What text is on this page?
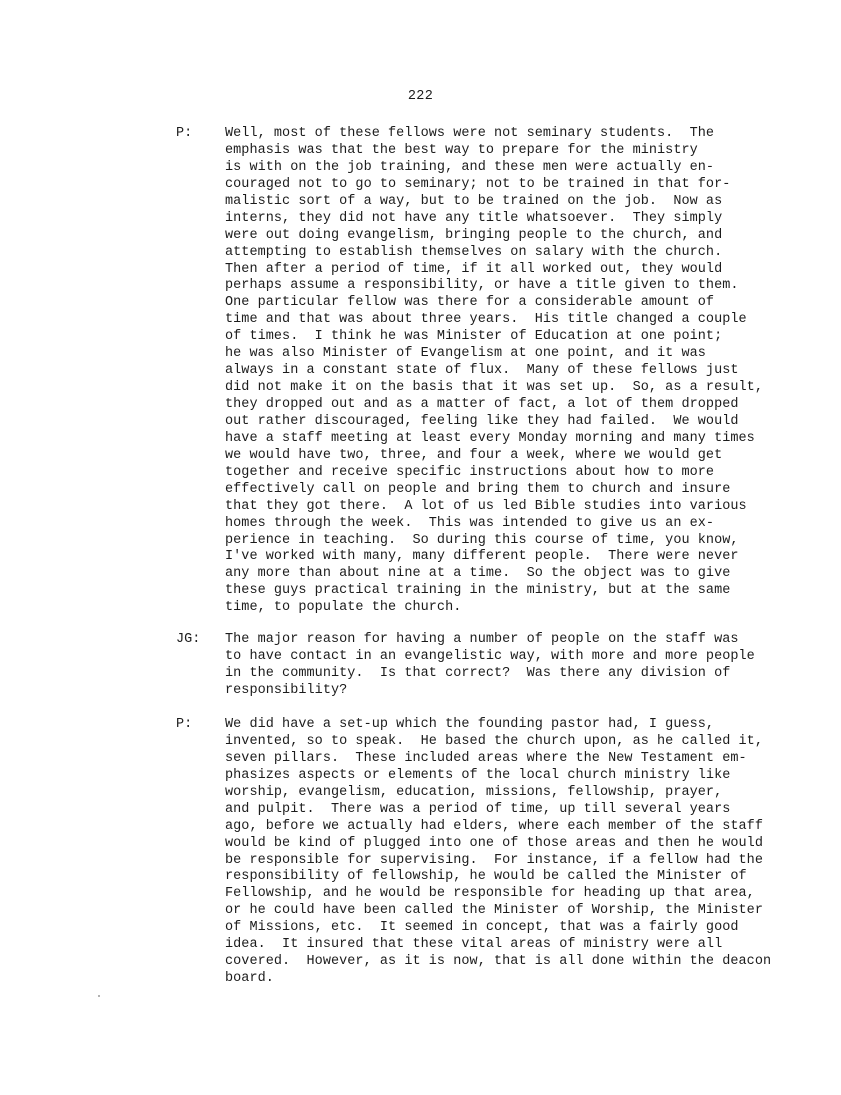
222
P: Well, most of these fellows were not seminary students.  The
emphasis was that the best way to prepare for the ministry
is with on the job training, and these men were actually en-
couraged not to go to seminary; not to be trained in that for-
malistic sort of a way, but to be trained on the job.  Now as
interns, they did not have any title whatsoever.  They simply
were out doing evangelism, bringing people to the church, and
attempting to establish themselves on salary with the church.
Then after a period of time, if it all worked out, they would
perhaps assume a responsibility, or have a title given to them.
One particular fellow was there for a considerable amount of
time and that was about three years.  His title changed a couple
of times.  I think he was Minister of Education at one point;
he was also Minister of Evangelism at one point, and it was
always in a constant state of flux.  Many of these fellows just
did not make it on the basis that it was set up.  So, as a result,
they dropped out and as a matter of fact, a lot of them dropped
out rather discouraged, feeling like they had failed.  We would
have a staff meeting at least every Monday morning and many times
we would have two, three, and four a week, where we would get
together and receive specific instructions about how to more
effectively call on people and bring them to church and insure
that they got there.  A lot of us led Bible studies into various
homes through the week.  This was intended to give us an ex-
perience in teaching.  So during this course of time, you know,
I've worked with many, many different people.  There were never
any more than about nine at a time.  So the object was to give
these guys practical training in the ministry, but at the same
time, to populate the church.
JG: The major reason for having a number of people on the staff was
to have contact in an evangelistic way, with more and more people
in the community.  Is that correct?  Was there any division of
responsibility?
P: We did have a set-up which the founding pastor had, I guess,
invented, so to speak.  He based the church upon, as he called it,
seven pillars.  These included areas where the New Testament em-
phasizes aspects or elements of the local church ministry like
worship, evangelism, education, missions, fellowship, prayer,
and pulpit.  There was a period of time, up till several years
ago, before we actually had elders, where each member of the staff
would be kind of plugged into one of those areas and then he would
be responsible for supervising.  For instance, if a fellow had the
responsibility of fellowship, he would be called the Minister of
Fellowship, and he would be responsible for heading up that area,
or he could have been called the Minister of Worship, the Minister
of Missions, etc.  It seemed in concept, that was a fairly good
idea.  It insured that these vital areas of ministry were all
covered.  However, as it is now, that is all done within the deacon
board.
